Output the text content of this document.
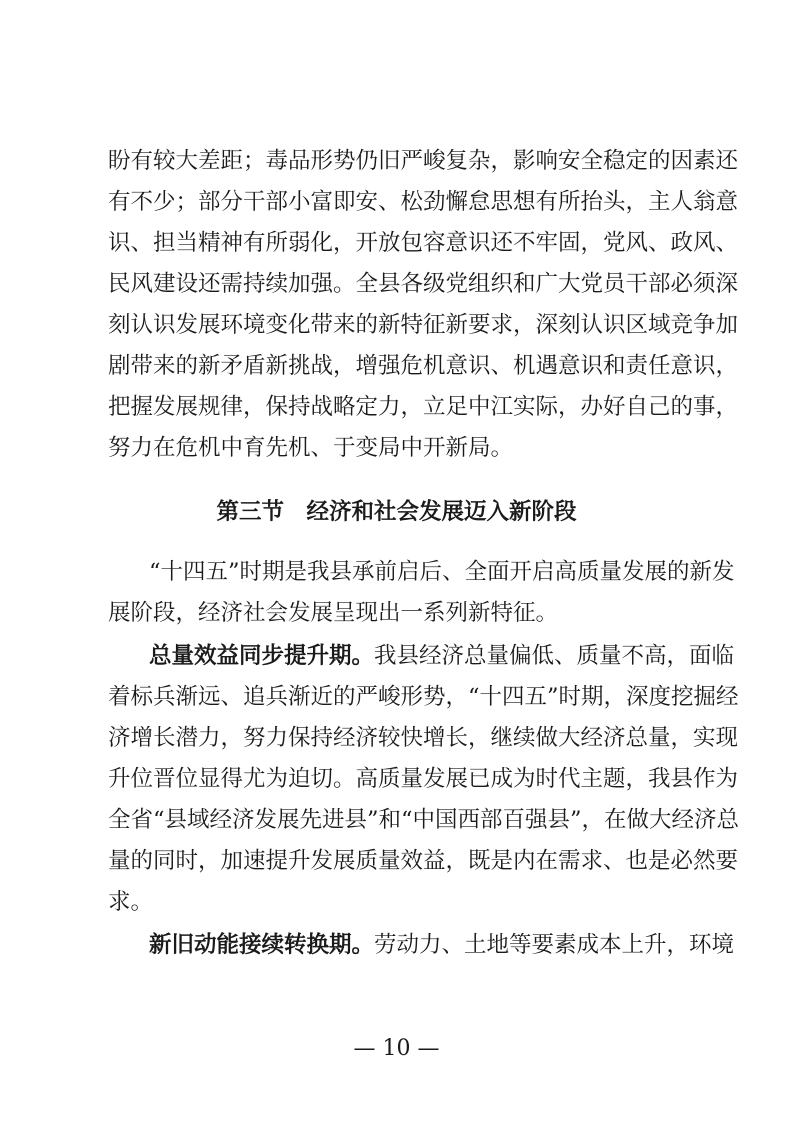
盼有较大差距；毒品形势仍旧严峻复杂，影响安全稳定的因素还
有不少；部分干部小富即安、松劲懈怠思想有所抬头，主人翁意
识、担当精神有所弱化，开放包容意识还不牢固，党风、政风、
民风建设还需持续加强。全县各级党组织和广大党员干部必须深
刻认识发展环境变化带来的新特征新要求，深刻认识区域竞争加
剧带来的新矛盾新挑战，增强危机意识、机遇意识和责任意识，
把握发展规律，保持战略定力，立足中江实际，办好自己的事，
努力在危机中育先机、于变局中开新局。
第三节　经济和社会发展迈入新阶段
“十四五”时期是我县承前启后、全面开启高质量发展的新发
展阶段，经济社会发展呈现出一系列新特征。
总量效益同步提升期。我县经济总量偏低、质量不高，面临
着标兵渐远、追兵渐近的严峻形势，“十四五”时期，深度挖掘经
济增长潜力，努力保持经济较快增长，继续做大经济总量，实现
升位晋位显得尤为迫切。高质量发展已成为时代主题，我县作为
全省“县域经济发展先进县”和“中国西部百强县”，在做大经济总
量的同时，加速提升发展质量效益，既是内在需求、也是必然要
求。
新旧动能接续转换期。劳动力、土地等要素成本上升，环境
— 10 —
